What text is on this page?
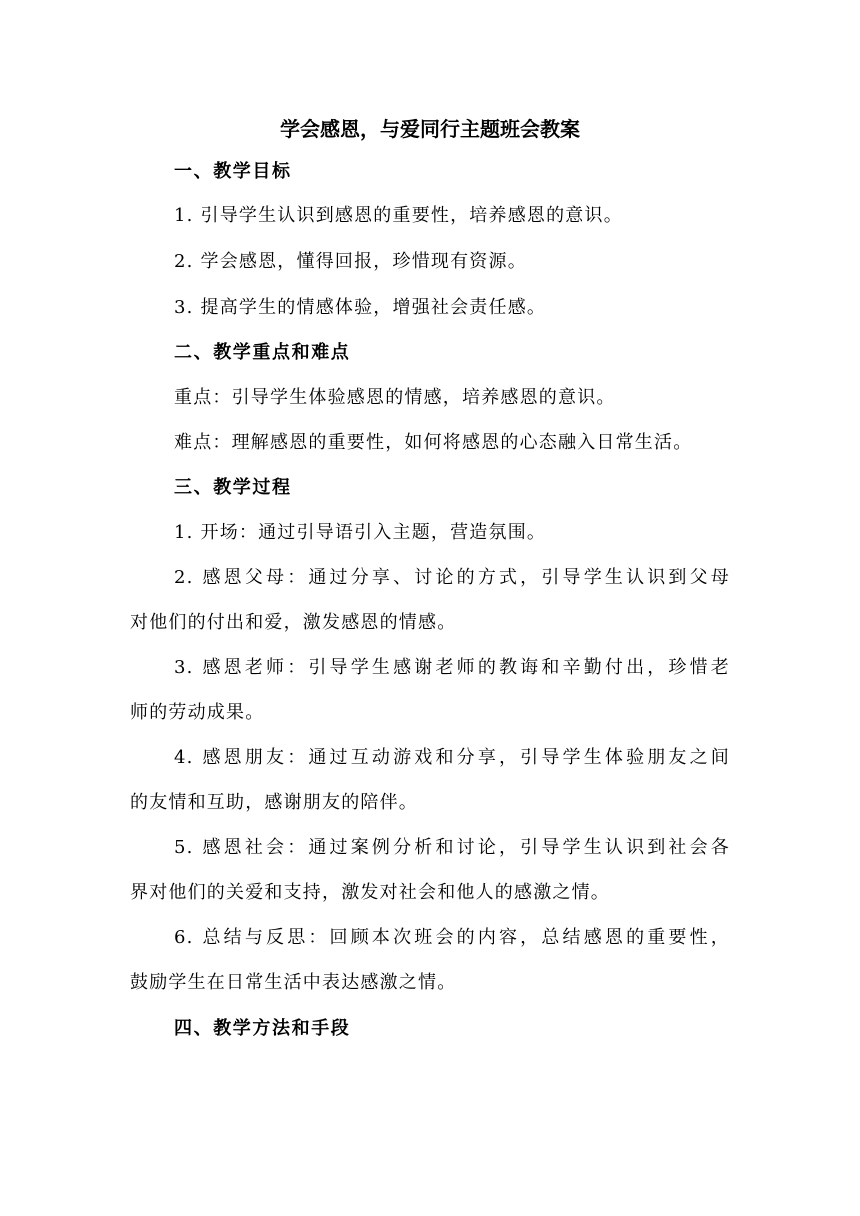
学会感恩，与爱同行主题班会教案
一、教学目标
1. 引导学生认识到感恩的重要性，培养感恩的意识。
2. 学会感恩，懂得回报，珍惜现有资源。
3. 提高学生的情感体验，增强社会责任感。
二、教学重点和难点
重点：引导学生体验感恩的情感，培养感恩的意识。
难点：理解感恩的重要性，如何将感恩的心态融入日常生活。
三、教学过程
1. 开场：通过引导语引入主题，营造氛围。
2. 感恩父母：通过分享、讨论的方式，引导学生认识到父母
对他们的付出和爱，激发感恩的情感。
3. 感恩老师：引导学生感谢老师的教诲和辛勤付出，珍惜老
师的劳动成果。
4. 感恩朋友：通过互动游戏和分享，引导学生体验朋友之间
的友情和互助，感谢朋友的陪伴。
5. 感恩社会：通过案例分析和讨论，引导学生认识到社会各
界对他们的关爱和支持，激发对社会和他人的感激之情。
6. 总结与反思：回顾本次班会的内容，总结感恩的重要性，
鼓励学生在日常生活中表达感激之情。
四、教学方法和手段
